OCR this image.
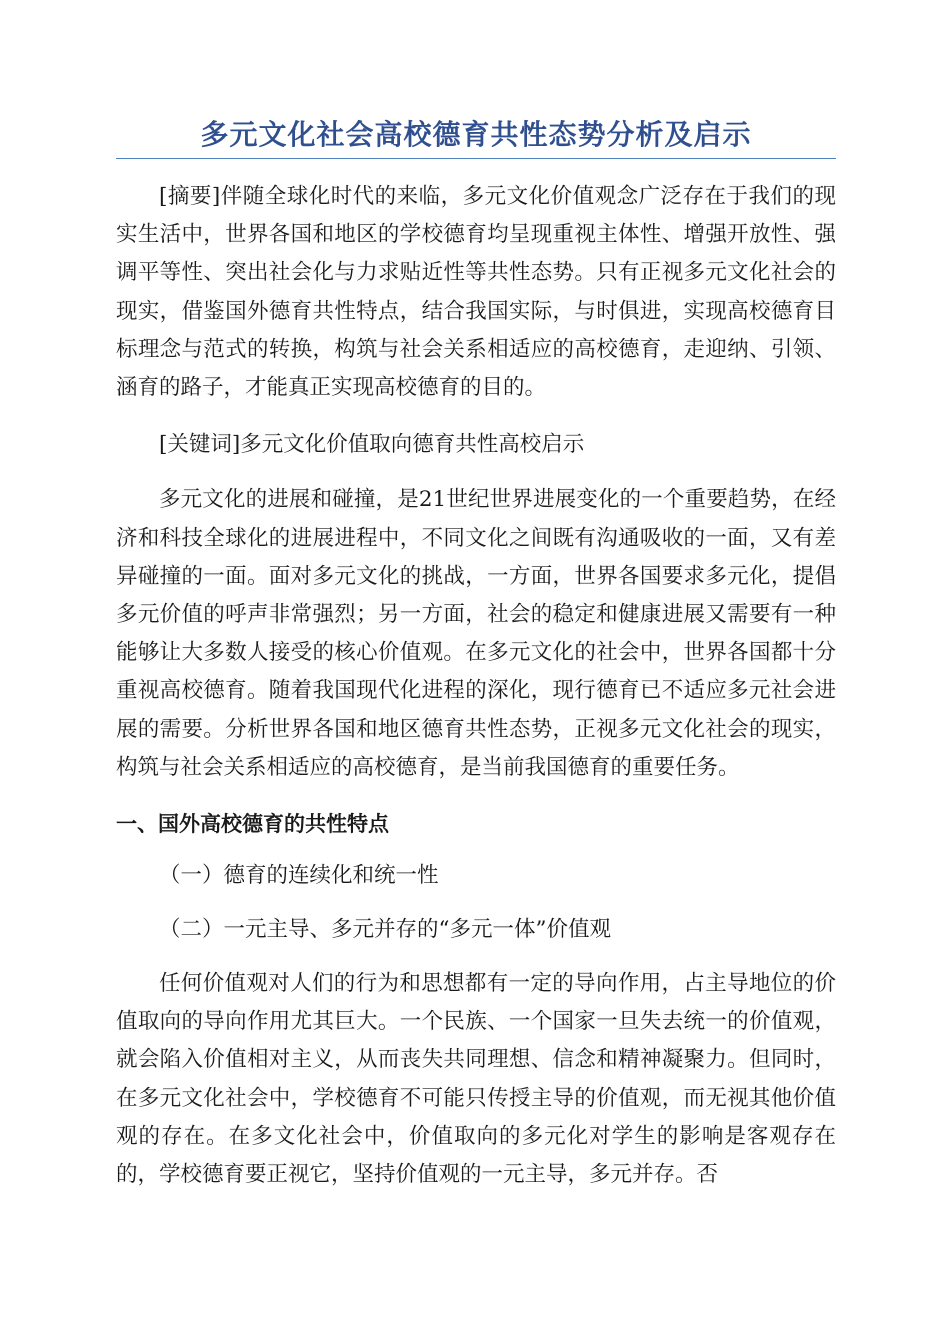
多元文化社会高校德育共性态势分析及启示

[摘要]伴随全球化时代的来临，多元文化价值观念广泛存在于我们的现实生活中，世界各国和地区的学校德育均呈现重视主体性、增强开放性、强调平等性、突出社会化与力求贴近性等共性态势。只有正视多元文化社会的现实，借鉴国外德育共性特点，结合我国实际，与时俱进，实现高校德育目标理念与范式的转换，构筑与社会关系相适应的高校德育，走迎纳、引领、涵育的路子，才能真正实现高校德育的目的。

[关键词]多元文化价值取向德育共性高校启示

多元文化的进展和碰撞，是21世纪世界进展变化的一个重要趋势，在经济和科技全球化的进展进程中，不同文化之间既有沟通吸收的一面，又有差异碰撞的一面。面对多元文化的挑战，一方面，世界各国要求多元化，提倡多元价值的呼声非常强烈；另一方面，社会的稳定和健康进展又需要有一种能够让大多数人接受的核心价值观。在多元文化的社会中，世界各国都十分重视高校德育。随着我国现代化进程的深化，现行德育已不适应多元社会进展的需要。分析世界各国和地区德育共性态势，正视多元文化社会的现实，构筑与社会关系相适应的高校德育，是当前我国德育的重要任务。

一、国外高校德育的共性特点

（一）德育的连续化和统一性

（二）一元主导、多元并存的“多元一体”价值观

任何价值观对人们的行为和思想都有一定的导向作用，占主导地位的价值取向的导向作用尤其巨大。一个民族、一个国家一旦失去统一的价值观，就会陷入价值相对主义，从而丧失共同理想、信念和精神凝聚力。但同时，在多元文化社会中，学校德育不可能只传授主导的价值观，而无视其他价值观的存在。在多文化社会中，价值取向的多元化对学生的影响是客观存在的，学校德育要正视它，坚持价值观的一元主导，多元并存。否
